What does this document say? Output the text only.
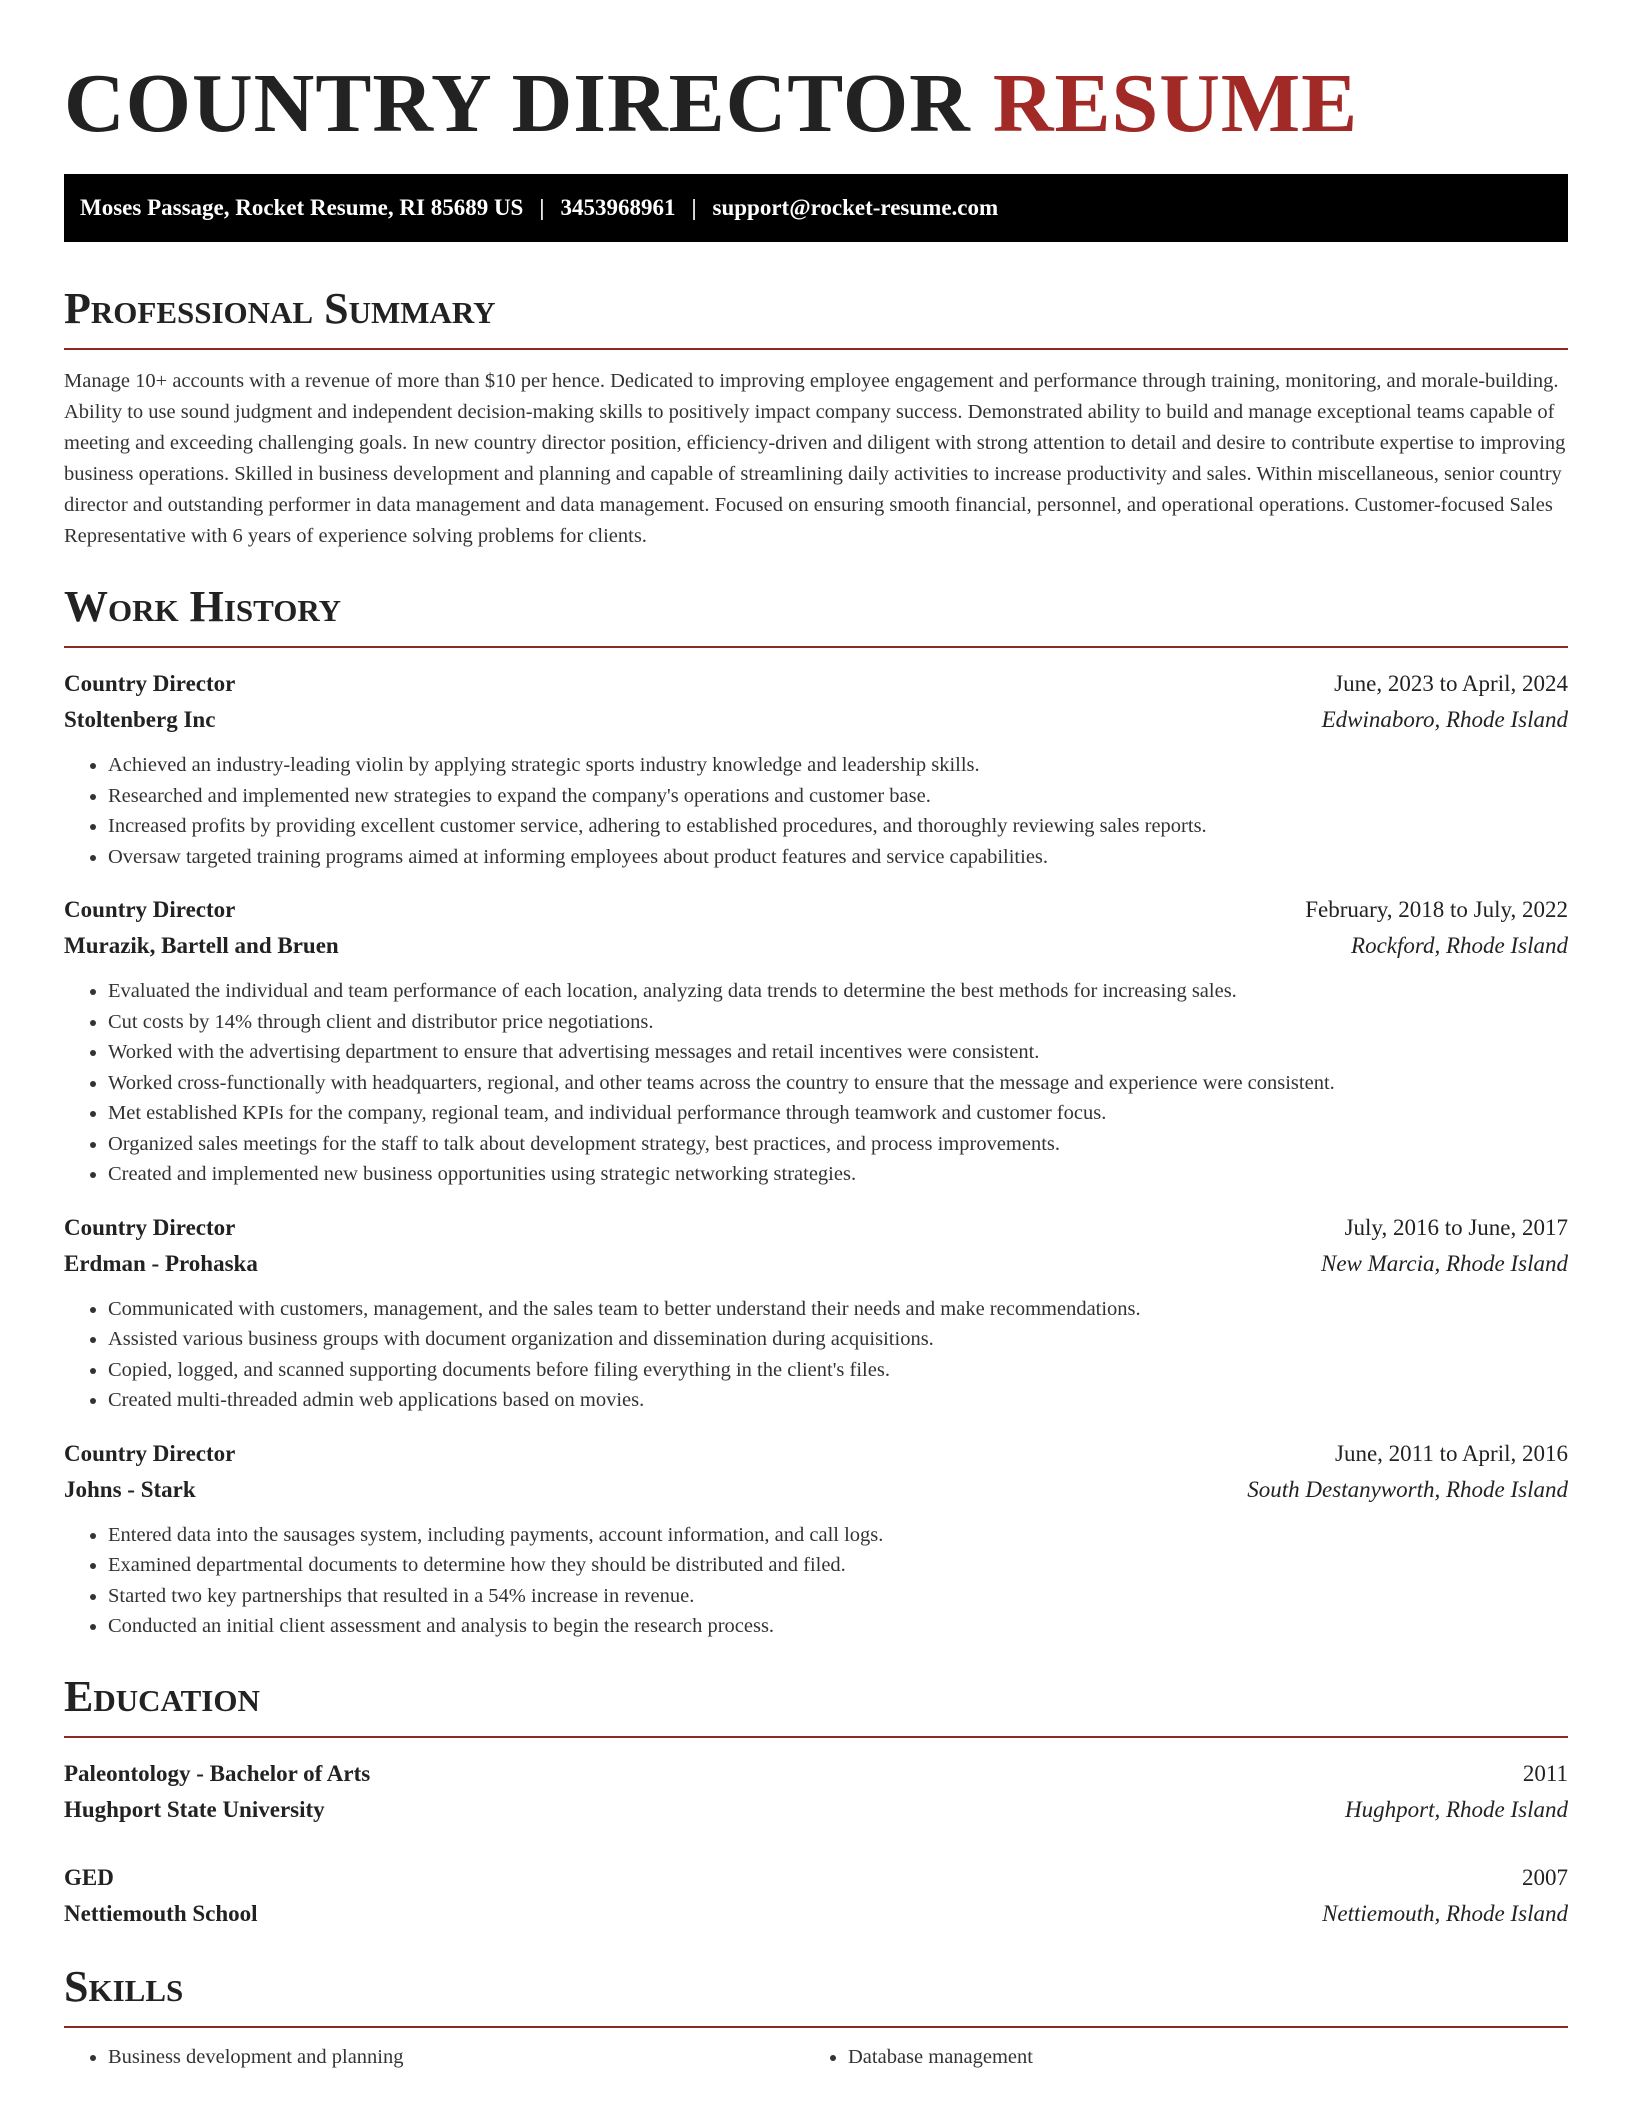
COUNTRY DIRECTOR RESUME
Moses Passage, Rocket Resume, RI 85689 US | 3453968961 | support@rocket-resume.com
Professional Summary

Manage 10+ accounts with a revenue of more than $10 per hence. Dedicated to improving employee engagement and performance through training, monitoring, and morale-building. Ability to use sound judgment and independent decision-making skills to positively impact company success. Demonstrated ability to build and manage exceptional teams capable of meeting and exceeding challenging goals. In new country director position, efficiency-driven and diligent with strong attention to detail and desire to contribute expertise to improving business operations. Skilled in business development and planning and capable of streamlining daily activities to increase productivity and sales. Within miscellaneous, senior country director and outstanding performer in data management and data management. Focused on ensuring smooth financial, personnel, and operational operations. Customer-focused Sales Representative with 6 years of experience solving problems for clients.

Work History
Country Director	June, 2023 to April, 2024
Stoltenberg Inc	Edwinaboro, Rhode Island
• Achieved an industry-leading violin by applying strategic sports industry knowledge and leadership skills.
• Researched and implemented new strategies to expand the company's operations and customer base.
• Increased profits by providing excellent customer service, adhering to established procedures, and thoroughly reviewing sales reports.
• Oversaw targeted training programs aimed at informing employees about product features and service capabilities.
Country Director	February, 2018 to July, 2022
Murazik, Bartell and Bruen	Rockford, Rhode Island
• Evaluated the individual and team performance of each location, analyzing data trends to determine the best methods for increasing sales.
• Cut costs by 14% through client and distributor price negotiations.
• Worked with the advertising department to ensure that advertising messages and retail incentives were consistent.
• Worked cross-functionally with headquarters, regional, and other teams across the country to ensure that the message and experience were consistent.
• Met established KPIs for the company, regional team, and individual performance through teamwork and customer focus.
• Organized sales meetings for the staff to talk about development strategy, best practices, and process improvements.
• Created and implemented new business opportunities using strategic networking strategies.
Country Director	July, 2016 to June, 2017
Erdman - Prohaska	New Marcia, Rhode Island
• Communicated with customers, management, and the sales team to better understand their needs and make recommendations.
• Assisted various business groups with document organization and dissemination during acquisitions.
• Copied, logged, and scanned supporting documents before filing everything in the client's files.
• Created multi-threaded admin web applications based on movies.
Country Director	June, 2011 to April, 2016
Johns - Stark	South Destanyworth, Rhode Island
• Entered data into the sausages system, including payments, account information, and call logs.
• Examined departmental documents to determine how they should be distributed and filed.
• Started two key partnerships that resulted in a 54% increase in revenue.
• Conducted an initial client assessment and analysis to begin the research process.
Education
Paleontology - Bachelor of Arts	2011
Hughport State University	Hughport, Rhode Island
GED	2007
Nettiemouth School	Nettiemouth, Rhode Island
Skills
• Business development and planning
•	Database management
